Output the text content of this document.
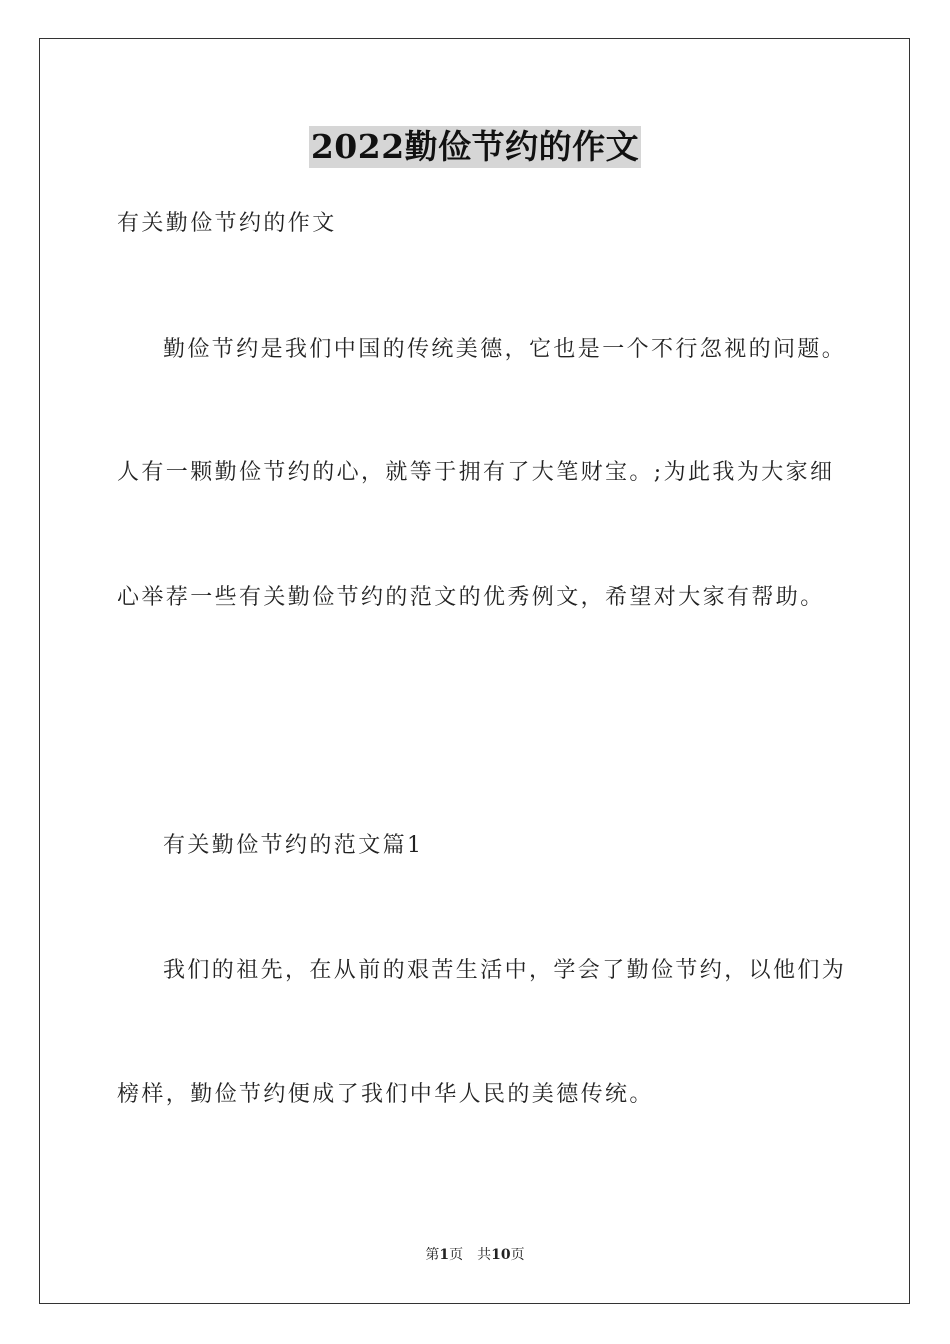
2022勤俭节约的作文
有关勤俭节约的作文
勤俭节约是我们中国的传统美德，它也是一个不行忽视的问题。
人有一颗勤俭节约的心，就等于拥有了大笔财宝。;为此我为大家细
心举荐一些有关勤俭节约的范文的优秀例文，希望对大家有帮助。
有关勤俭节约的范文篇1
我们的祖先，在从前的艰苦生活中，学会了勤俭节约，以他们为
榜样，勤俭节约便成了我们中华人民的美德传统。
第1页 共10页
